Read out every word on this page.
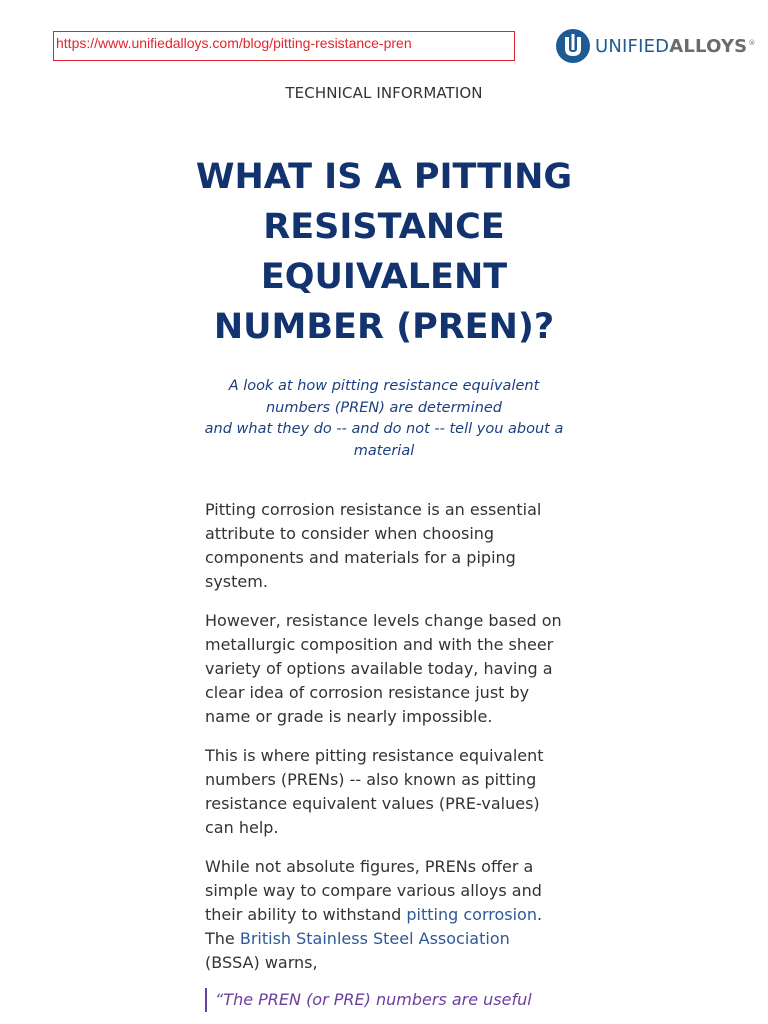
https://www.unifiedalloys.com/blog/pitting-resistance-pren	UNIFIEDALLOYS®
TECHNICAL INFORMATION
WHAT IS A PITTING RESISTANCE EQUIVALENT NUMBER (PREN)?

A look at how pitting resistance equivalent numbers (PREN) are determined

and what they do -- and do not -- tell you about a material

Pitting corrosion resistance is an essential attribute to consider when choosing components and materials for a piping system.

However, resistance levels change based on metallurgic composition and with the sheer variety of options available today, having a clear idea of corrosion resistance just by name or grade is nearly impossible.

This is where pitting resistance equivalent numbers (PRENs) -- also known as pitting resistance equivalent values (PRE-values) can help.

While not absolute figures, PRENs offer a simple way to compare various alloys and their ability to withstand pitting corrosion. The British Stainless Steel Association (BSSA) warns,

“The PREN (or PRE) numbers are useful
